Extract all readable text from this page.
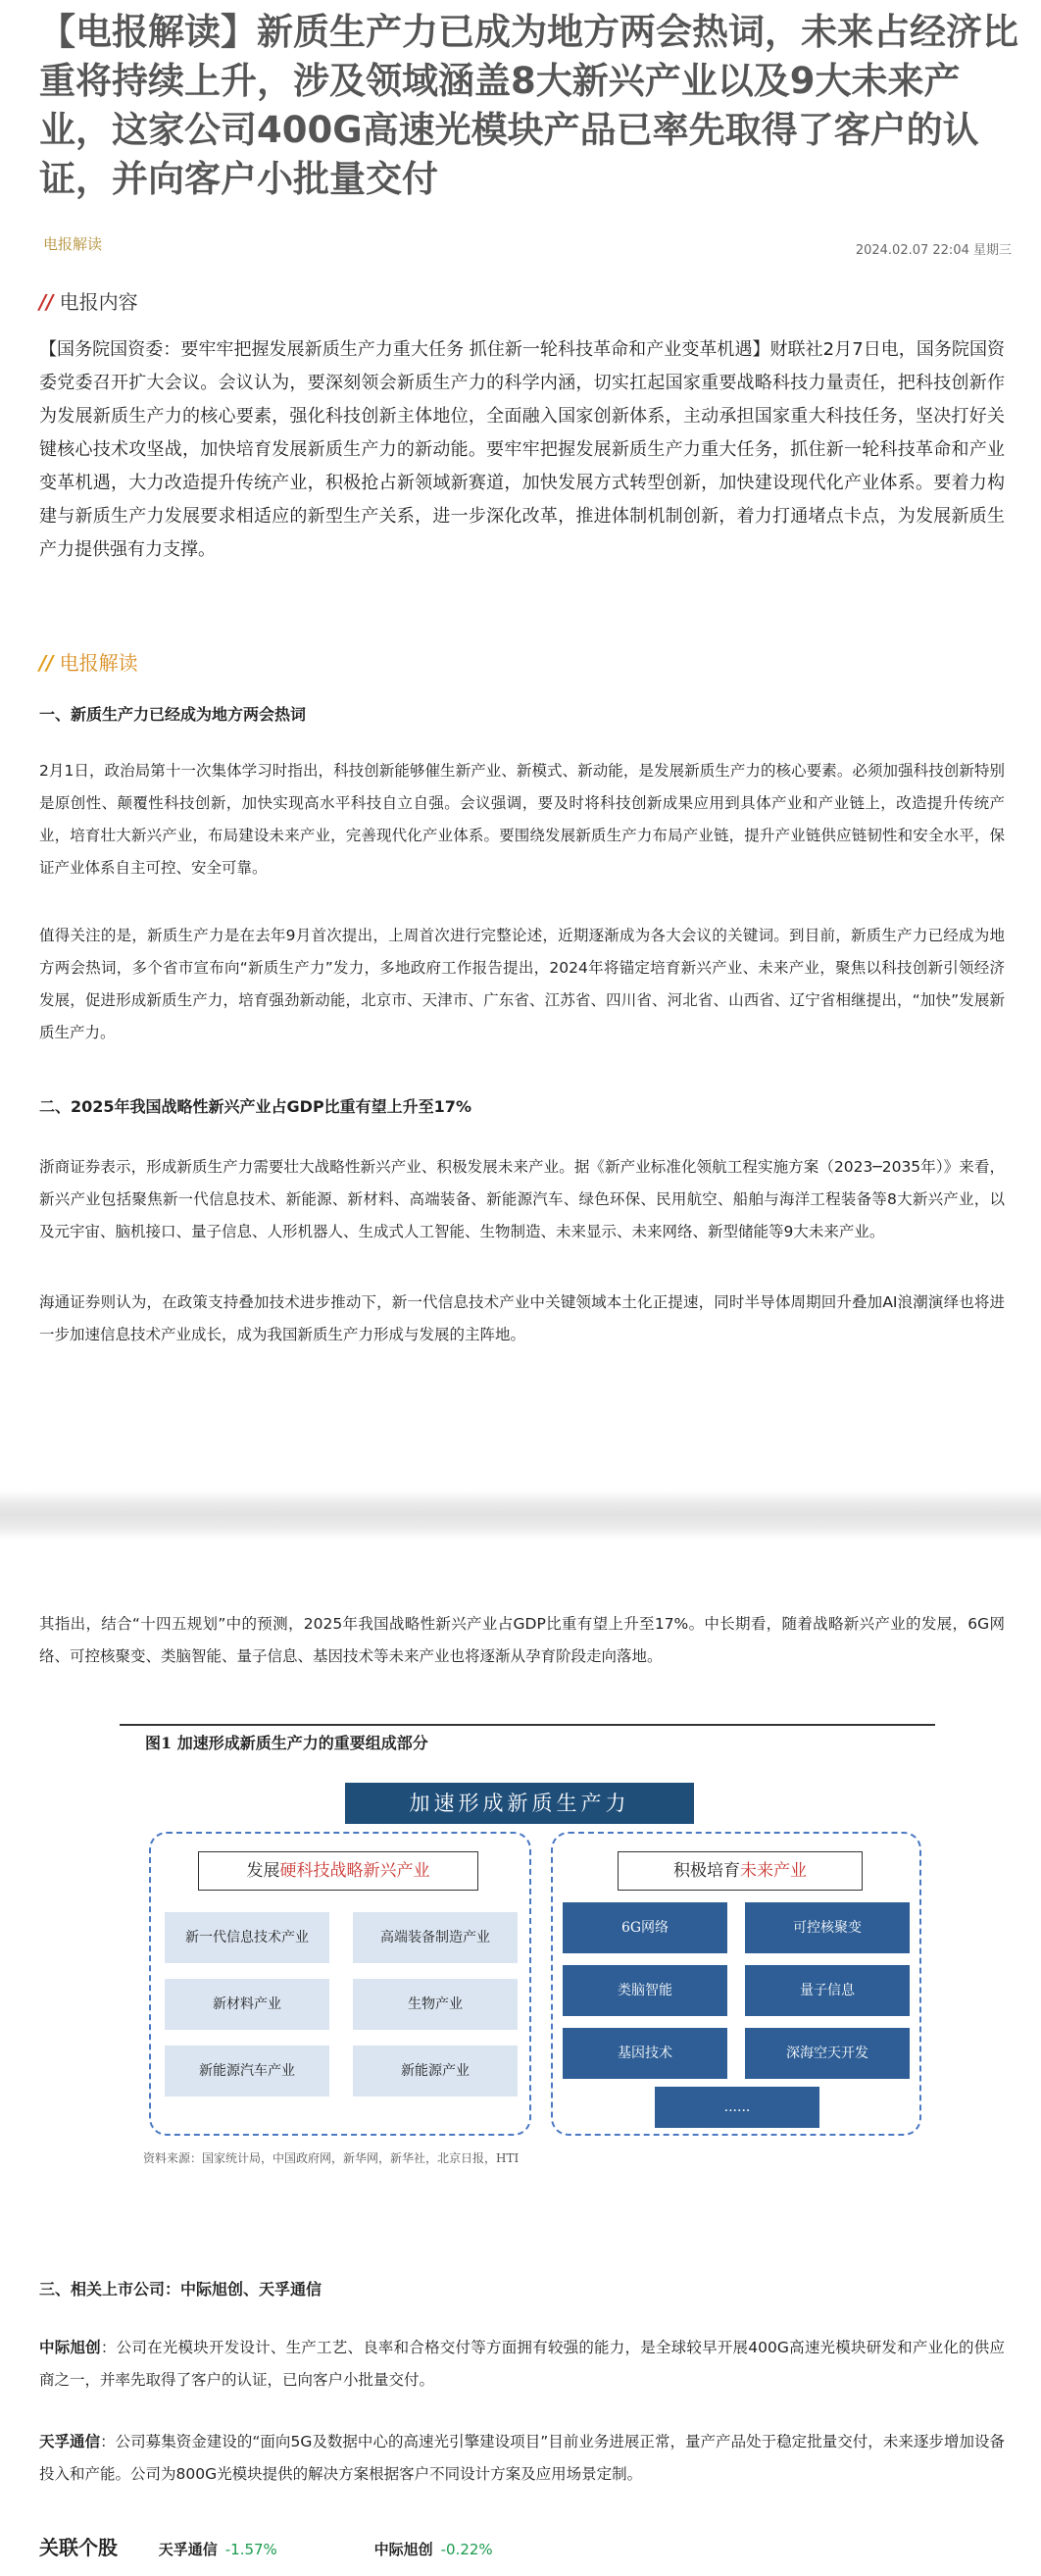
【电报解读】新质生产力已成为地方两会热词，未来占经济比重将持续上升，涉及领域涵盖8大新兴产业以及9大未来产业，这家公司400G高速光模块产品已率先取得了客户的认证，并向客户小批量交付
电报解读	2024.02.07 22:04 星期三
// 电报内容
【国务院国资委：要牢牢把握发展新质生产力重大任务 抓住新一轮科技革命和产业变革机遇】财联社2月7日电，国务院国资委党委召开扩大会议。会议认为，要深刻领会新质生产力的科学内涵，切实扛起国家重要战略科技力量责任，把科技创新作为发展新质生产力的核心要素，强化科技创新主体地位，全面融入国家创新体系，主动承担国家重大科技任务，坚决打好关键核心技术攻坚战，加快培育发展新质生产力的新动能。要牢牢把握发展新质生产力重大任务，抓住新一轮科技革命和产业变革机遇，大力改造提升传统产业，积极抢占新领域新赛道，加快发展方式转型创新，加快建设现代化产业体系。要着力构建与新质生产力发展要求相适应的新型生产关系，进一步深化改革，推进体制机制创新，着力打通堵点卡点，为发展新质生产力提供强有力支撑。
// 电报解读
一、新质生产力已经成为地方两会热词
2月1日，政治局第十一次集体学习时指出，科技创新能够催生新产业、新模式、新动能，是发展新质生产力的核心要素。必须加强科技创新特别是原创性、颠覆性科技创新，加快实现高水平科技自立自强。会议强调，要及时将科技创新成果应用到具体产业和产业链上，改造提升传统产业，培育壮大新兴产业，布局建设未来产业，完善现代化产业体系。要围绕发展新质生产力布局产业链，提升产业链供应链韧性和安全水平，保证产业体系自主可控、安全可靠。
值得关注的是，新质生产力是在去年9月首次提出，上周首次进行完整论述，近期逐渐成为各大会议的关键词。到目前，新质生产力已经成为地方两会热词，多个省市宣布向“新质生产力”发力，多地政府工作报告提出，2024年将锚定培育新兴产业、未来产业，聚焦以科技创新引领经济发展，促进形成新质生产力，培育强劲新动能，北京市、天津市、广东省、江苏省、四川省、河北省、山西省、辽宁省相继提出，“加快”发展新质生产力。
二、2025年我国战略性新兴产业占GDP比重有望上升至17%
浙商证券表示，形成新质生产力需要壮大战略性新兴产业、积极发展未来产业。据《新产业标准化领航工程实施方案（2023─2035年）》来看，新兴产业包括聚焦新一代信息技术、新能源、新材料、高端装备、新能源汽车、绿色环保、民用航空、船舶与海洋工程装备等8大新兴产业，以及元宇宙、脑机接口、量子信息、人形机器人、生成式人工智能、生物制造、未来显示、未来网络、新型储能等9大未来产业。
海通证券则认为，在政策支持叠加技术进步推动下，新一代信息技术产业中关键领域本土化正提速，同时半导体周期回升叠加AI浪潮演绎也将进一步加速信息技术产业成长，成为我国新质生产力形成与发展的主阵地。
其指出，结合“十四五规划”中的预测，2025年我国战略性新兴产业占GDP比重有望上升至17%。中长期看，随着战略新兴产业的发展，6G网络、可控核聚变、类脑智能、量子信息、基因技术等未来产业也将逐渐从孕育阶段走向落地。
图1 加速形成新质生产力的重要组成部分
加速形成新质生产力
发展硬科技战略新兴产业	积极培育未来产业
新一代信息技术产业	高端装备制造产业
新材料产业	生物产业
新能源汽车产业	新能源产业
6G网络	可控核聚变
类脑智能	量子信息
基因技术	深海空天开发
......
资料来源：国家统计局，中国政府网，新华网，新华社，北京日报，HTI
三、相关上市公司：中际旭创、天孚通信
中际旭创：公司在光模块开发设计、生产工艺、良率和合格交付等方面拥有较强的能力，是全球较早开展400G高速光模块研发和产业化的供应商之一，并率先取得了客户的认证，已向客户小批量交付。
天孚通信：公司募集资金建设的“面向5G及数据中心的高速光引擎建设项目”目前业务进展正常，量产产品处于稳定批量交付，未来逐步增加设备投入和产能。公司为800G光模块提供的解决方案根据客户不同设计方案及应用场景定制。
关联个股	天孚通信 -1.57%	中际旭创 -0.22%
